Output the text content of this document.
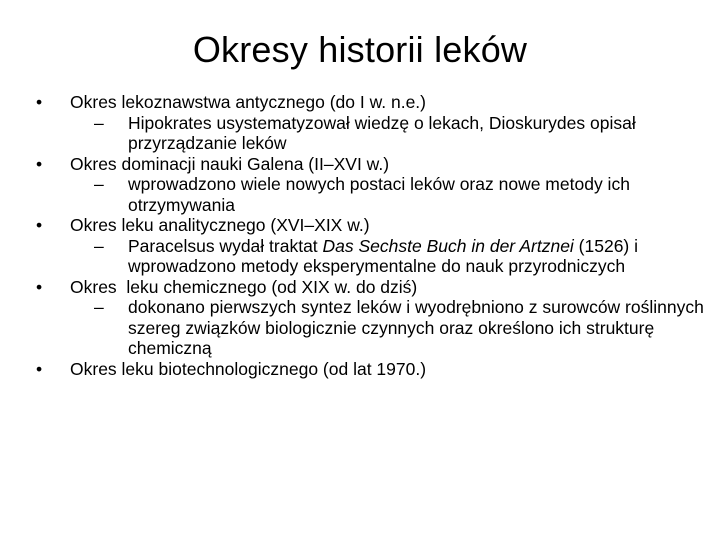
Okresy historii leków
•	Okres lekoznawstwa antycznego (do I w. n.e.)
–	Hipokrates usystematyzował wiedzę o lekach, Dioskurydes opisał przyrządzanie leków
•	Okres dominacji nauki Galena (II–XVI w.)
–	wprowadzono wiele nowych postaci leków oraz nowe metody ich otrzymywania
•	Okres leku analitycznego (XVI–XIX w.)
–	Paracelsus wydał traktat Das Sechste Buch in der Artznei (1526) i wprowadzono metody eksperymentalne do nauk przyrodniczych
•	Okres  leku chemicznego (od XIX w. do dziś)
–	dokonano pierwszych syntez leków i wyodrębniono z surowców roślinnych szereg związków biologicznie czynnych oraz określono ich strukturę chemiczną
•	Okres leku biotechnologicznego (od lat 1970.)
